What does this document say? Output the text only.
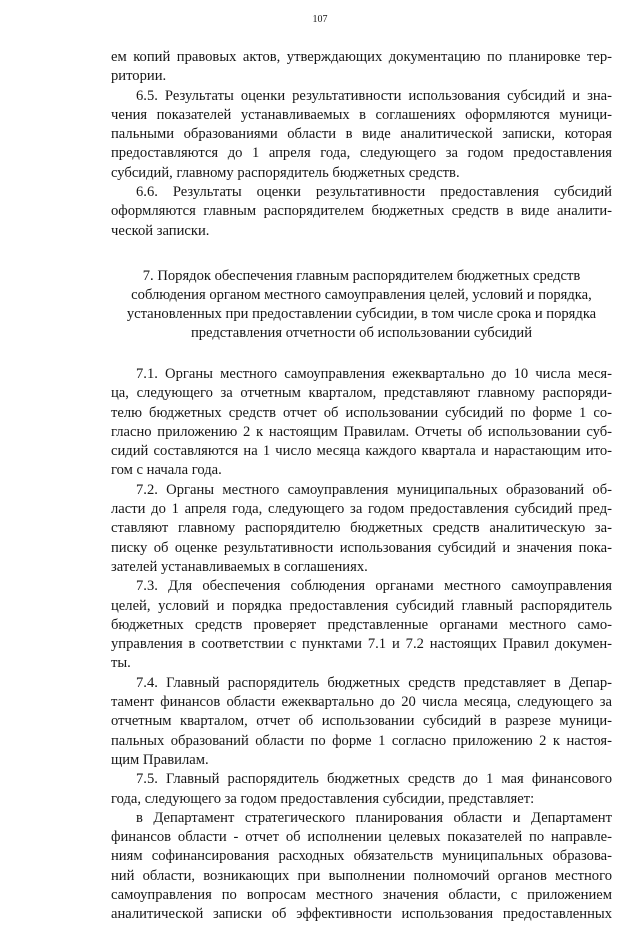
107
ем копий правовых актов, утверждающих документацию по планировке тер-
ритории.
6.5. Результаты оценки результативности использования субсидий и зна-
чения показателей устанавливаемых в соглашениях оформляются муници-
пальными образованиями области в виде аналитической записки, которая
предоставляются до 1 апреля года, следующего за годом предоставления
субсидий, главному распорядитель бюджетных средств.
6.6. Результаты оценки результативности предоставления субсидий
оформляются главным распорядителем бюджетных средств в виде аналити-
ческой записки.
7. Порядок обеспечения главным распорядителем бюджетных средств
соблюдения органом местного самоуправления целей, условий и порядка,
установленных при предоставлении субсидии, в том числе срока и порядка
представления отчетности об использовании субсидий
7.1. Органы местного самоуправления ежеквартально до 10 числа меся-
ца, следующего за отчетным кварталом, представляют главному распоряди-
телю бюджетных средств отчет об использовании субсидий по форме 1 со-
гласно приложению 2 к настоящим Правилам. Отчеты об использовании суб-
сидий составляются на 1 число месяца каждого квартала и нарастающим ито-
гом с начала года.
7.2. Органы местного самоуправления муниципальных образований об-
ласти до 1 апреля года, следующего за годом предоставления субсидий пред-
ставляют главному распорядителю бюджетных средств аналитическую за-
писку об оценке результативности использования субсидий и значения пока-
зателей устанавливаемых в соглашениях.
7.3. Для обеспечения соблюдения органами местного самоуправления
целей, условий и порядка предоставления субсидий главный распорядитель
бюджетных средств проверяет представленные органами местного само-
управления в соответствии с пунктами 7.1 и 7.2 настоящих Правил докумен-
ты.
7.4. Главный распорядитель бюджетных средств представляет в Депар-
тамент финансов области ежеквартально до 20 числа месяца, следующего за
отчетным кварталом, отчет об использовании субсидий в разрезе муници-
пальных образований области по форме 1 согласно приложению 2 к настоя-
щим Правилам.
7.5. Главный распорядитель бюджетных средств до 1 мая финансового
года, следующего за годом предоставления субсидии, представляет:
в Департамент стратегического планирования области и Департамент
финансов области - отчет об исполнении целевых показателей по направле-
ниям софинансирования расходных обязательств муниципальных образова-
ний области, возникающих при выполнении полномочий органов местного
самоуправления по вопросам местного значения области, с приложением
аналитической записки об эффективности использования предоставленных
